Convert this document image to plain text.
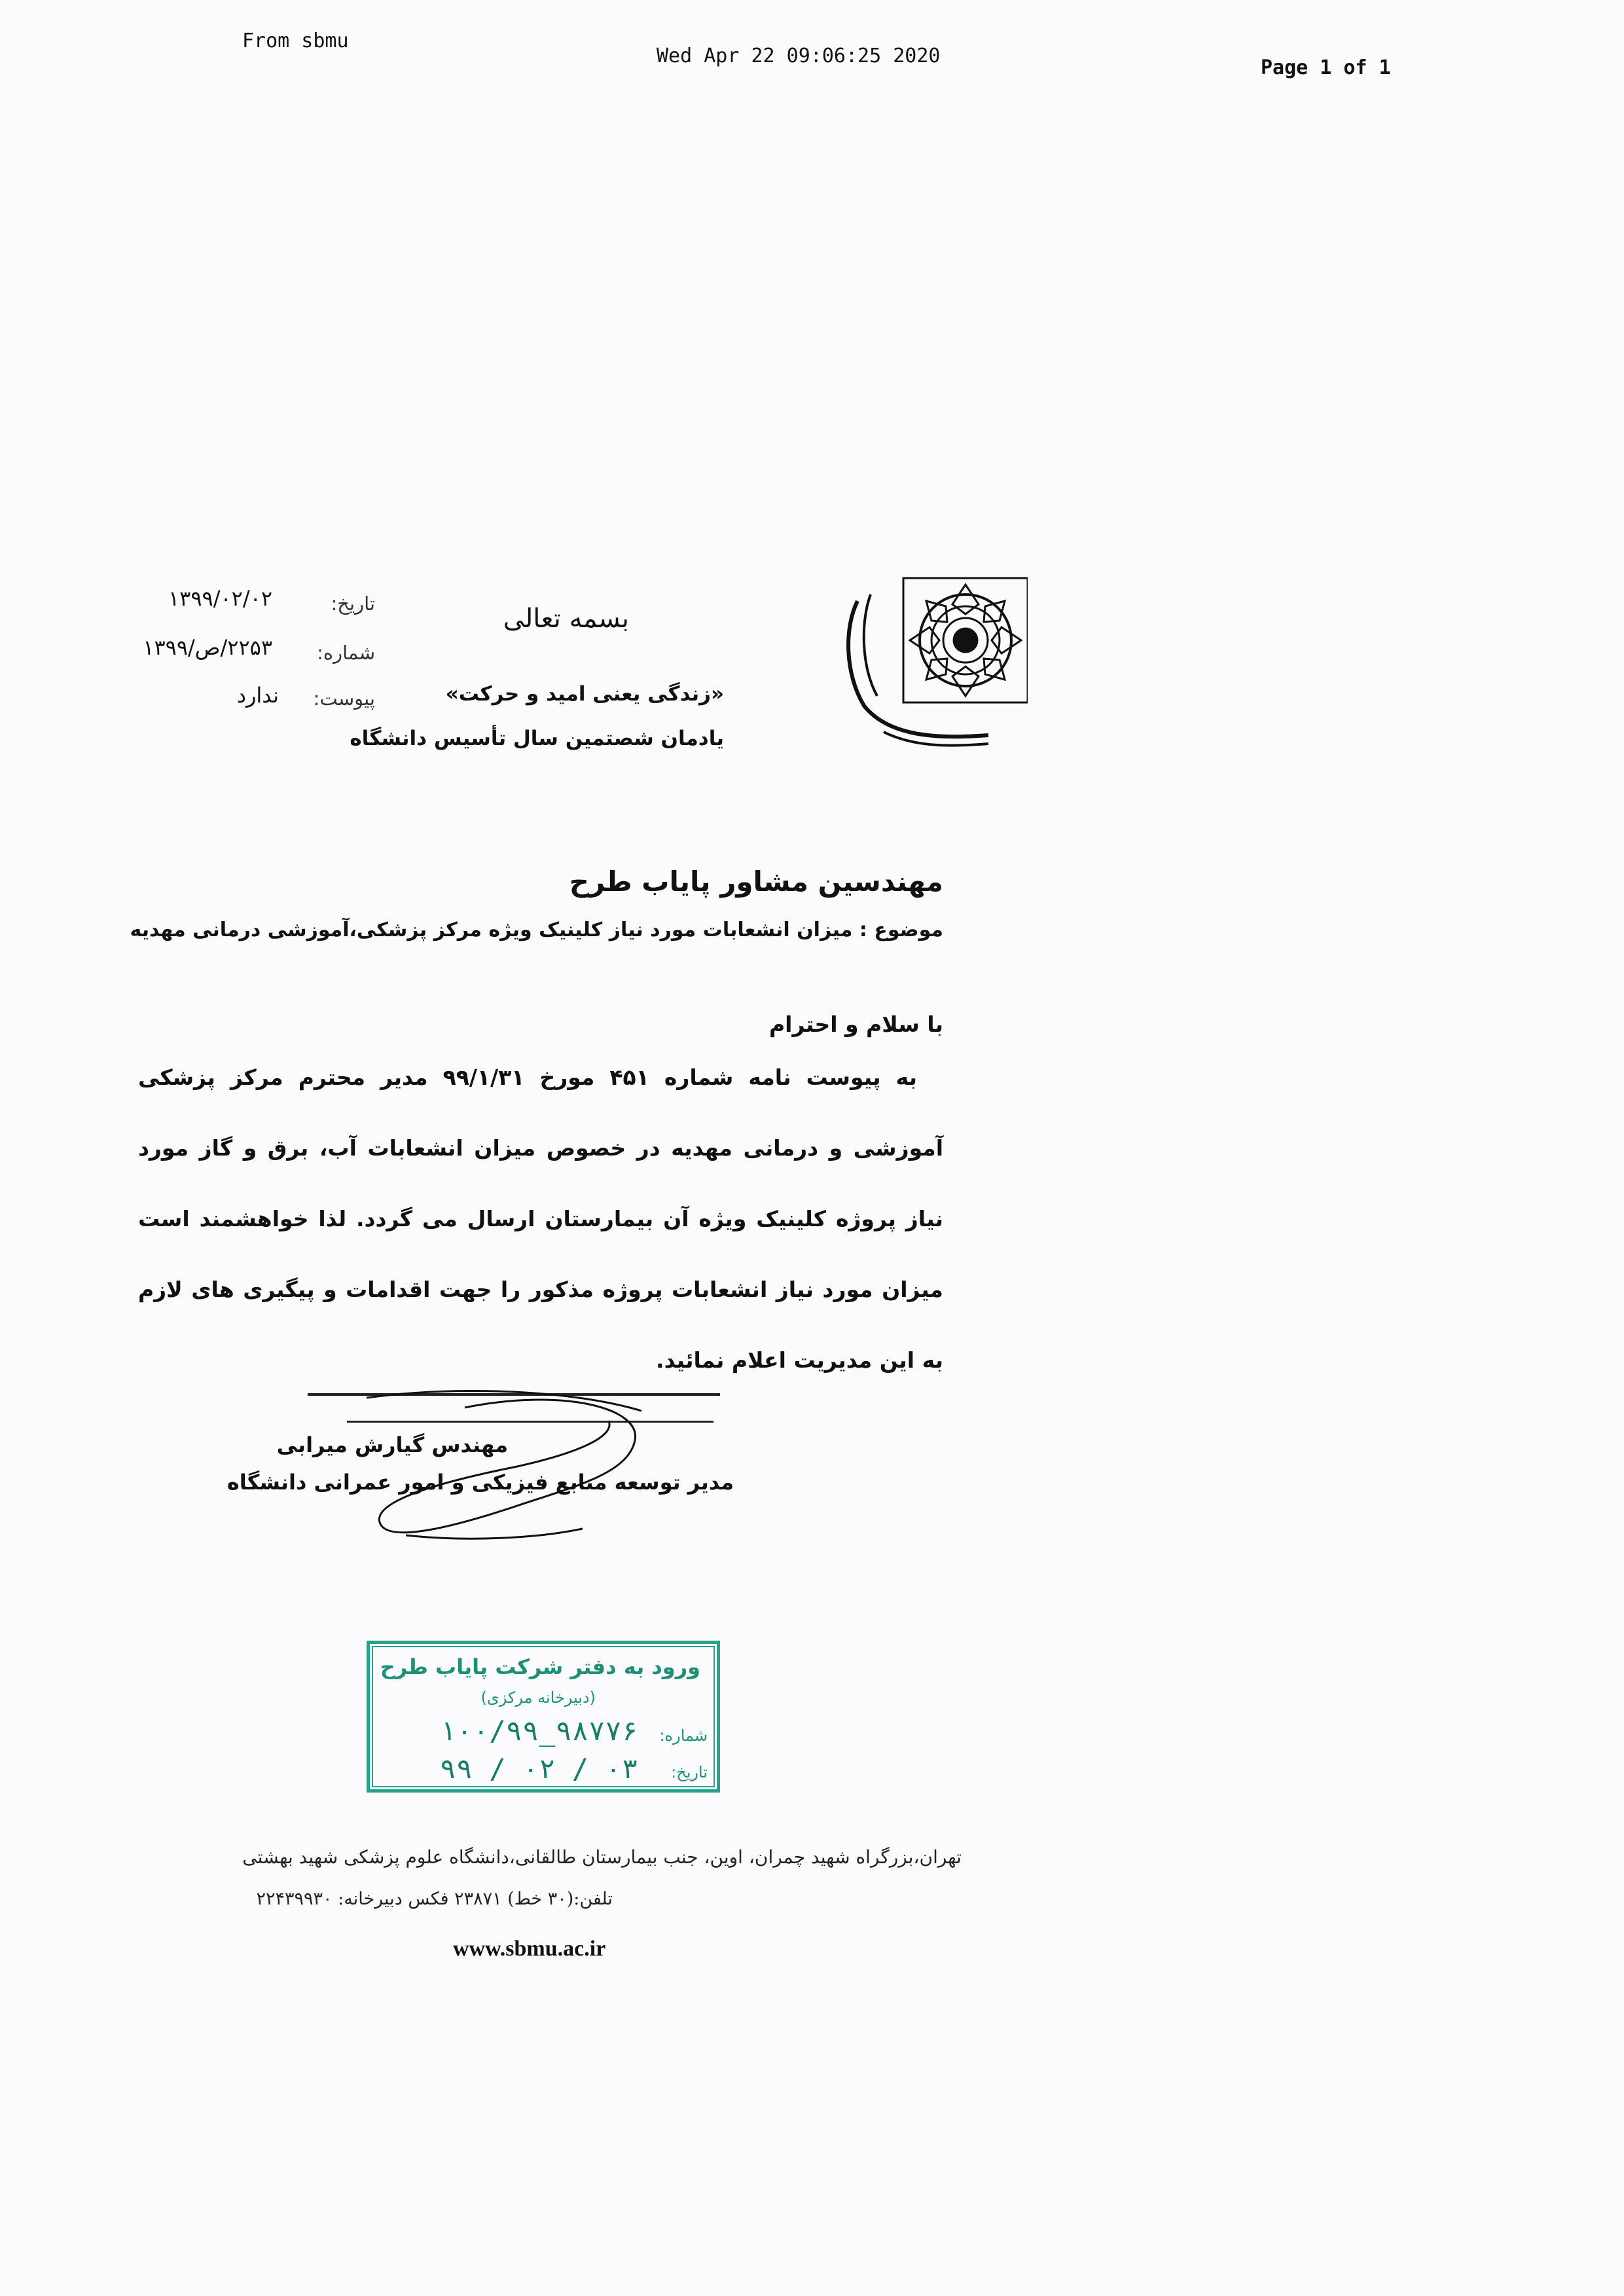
From sbmu
Wed Apr 22 09:06:25 2020
Page 1 of 1
بسمه تعالی
«زندگی یعنی امید و حرکت»
یادمان شصتمین سال تأسیس دانشگاه
تاریخ:
شماره:
پیوست:
۱۳۹۹/۰۲/۰۲
۲۲۵۳/ص/۱۳۹۹
ندارد
مهندسین مشاور پایاب طرح
موضوع : میزان انشعابات مورد نیاز کلینیک ویژه مرکز پزشکی،آموزشی درمانی مهدیه

با سلام و احترام

به پیوست نامه شماره ۴۵۱ مورخ ۹۹/۱/۳۱ مدیر محترم مرکز پزشکی آموزشی و درمانی مهدیه در خصوص میزان انشعابات آب، برق و گاز مورد نیاز پروژه کلینیک ویژه آن بیمارستان ارسال می گردد. لذا خواهشمند است میزان مورد نیاز انشعابات پروژه مذکور را جهت اقدامات و پیگیری های لازم به این مدیریت اعلام نمائید.

مهندس گیارش میرابی
مدیر توسعه منابع فیزیکی و امور عمرانی دانشگاه
ورود به دفتر شرکت پایاب طرح
(دبیرخانه مرکزی)
شماره:
۱۰۰/۹۹_۹۸۷۷۶
تاریخ:
۹۹ / ۰۲ / ۰۳
تهران،بزرگراه شهید چمران، اوین، جنب بیمارستان طالقانی،دانشگاه علوم پزشکی شهید بهشتی
تلفن:(۳۰ خط) ۲۳۸۷۱ فکس دبیرخانه: ۲۲۴۳۹۹۳۰
www.sbmu.ac.ir
